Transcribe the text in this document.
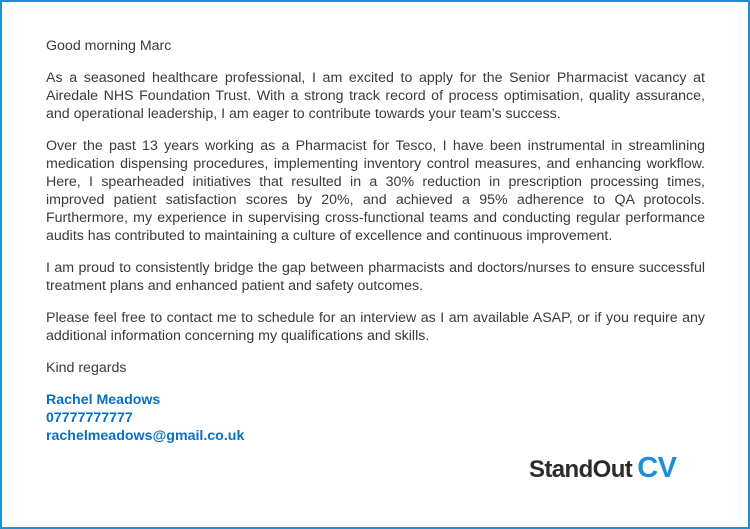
Good morning Marc

As a seasoned healthcare professional, I am excited to apply for the Senior Pharmacist vacancy at Airedale NHS Foundation Trust. With a strong track record of process optimisation, quality assurance, and operational leadership, I am eager to contribute towards your team’s success.

Over the past 13 years working as a Pharmacist for Tesco, I have been instrumental in streamlining medication dispensing procedures, implementing inventory control measures, and enhancing workflow. Here, I spearheaded initiatives that resulted in a 30% reduction in prescription processing times, improved patient satisfaction scores by 20%, and achieved a 95% adherence to QA protocols. Furthermore, my experience in supervising cross-functional teams and conducting regular performance audits has contributed to maintaining a culture of excellence and continuous improvement.

I am proud to consistently bridge the gap between pharmacists and doctors/nurses to ensure successful treatment plans and enhanced patient and safety outcomes.

Please feel free to contact me to schedule for an interview as I am available ASAP, or if you require any additional information concerning my qualifications and skills.

Kind regards

Rachel Meadows
07777777777
rachelmeadows@gmail.co.uk
StandOut CV
